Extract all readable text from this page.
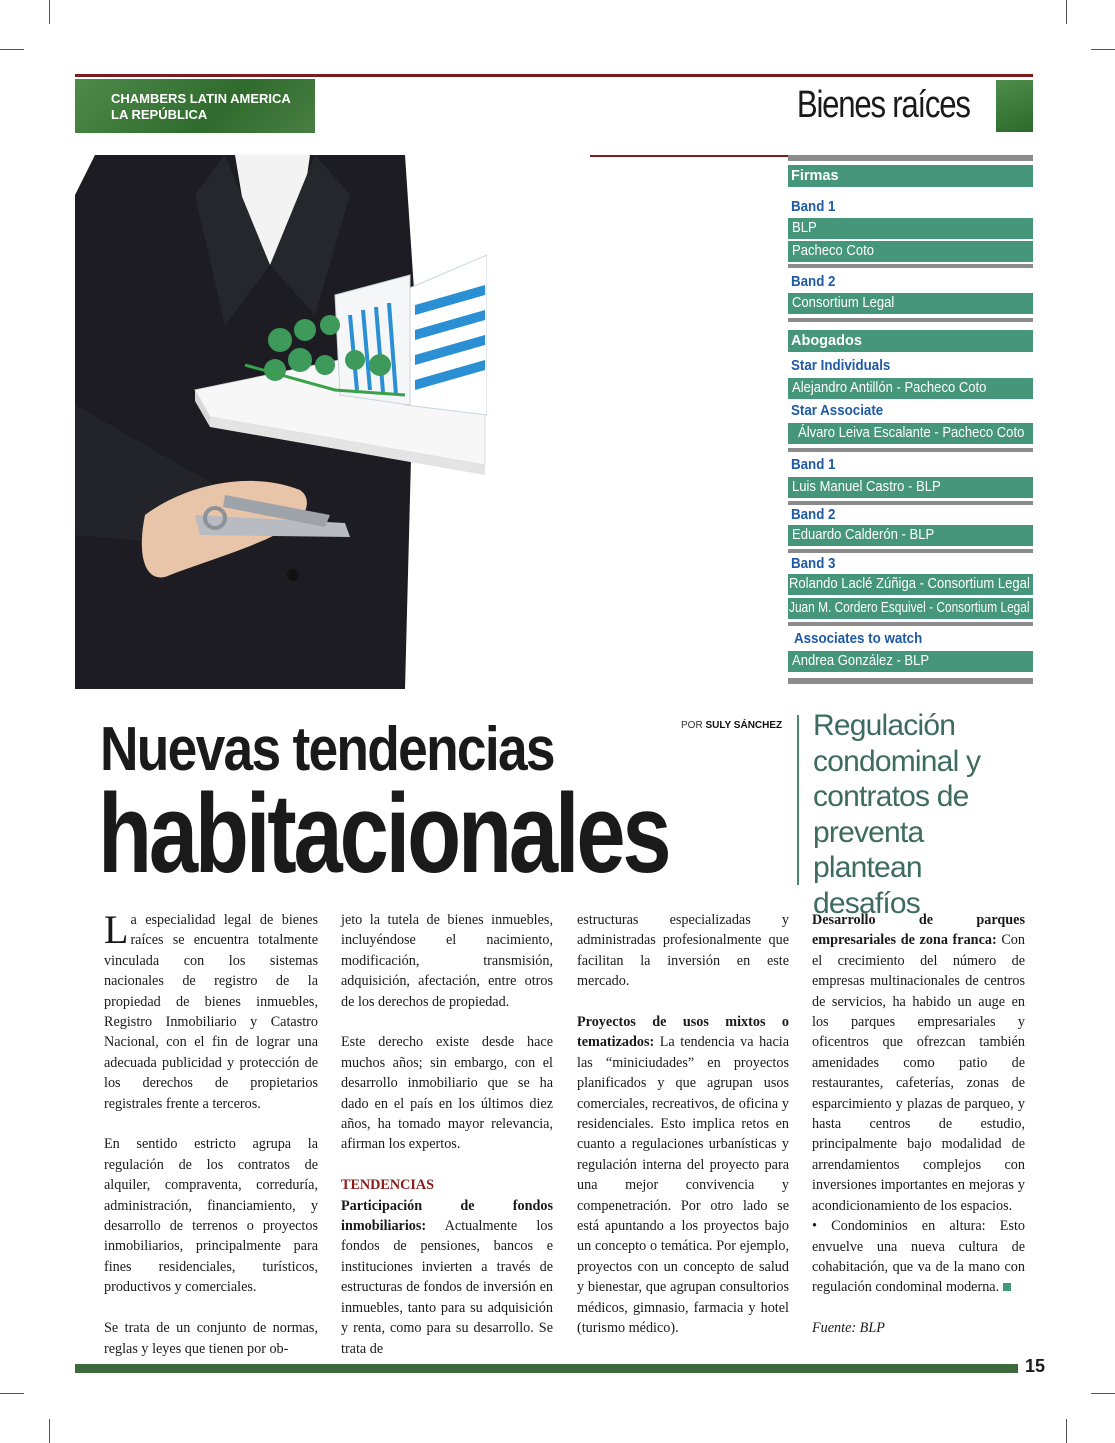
CHAMBERS LATIN AMERICA
LA REPÚBLICA	Bienes raíces
Firmas
Band 1
BLP
Pacheco Coto
Band 2
Consortium Legal
Abogados
Star Individuals
Alejandro Antillón - Pacheco Coto
Star Associate
Álvaro Leiva Escalante - Pacheco Coto
Band 1
Luis Manuel Castro - BLP
Band 2
Eduardo Calderón - BLP
Band 3
Rolando Laclé Zúñiga - Consortium Legal
Juan M. Cordero Esquivel - Consortium Legal
Associates to watch
Andrea González - BLP
POR SULY SÁNCHEZ
Nuevas tendencias
habitacionales
Regulación condominal y contratos de preventa plantean desafíos

La especialidad legal de bienes raíces se encuentra totalmente vinculada con los sistemas nacionales de registro de la propiedad de bienes inmuebles, Registro Inmobiliario y Catastro Nacional, con el fin de lograr una adecuada publicidad y protección de los derechos de propietarios registrales frente a terceros.

En sentido estricto agrupa la regulación de los contratos de alquiler, compraventa, correduría, administración, financiamiento, y desarrollo de terrenos o proyectos inmobiliarios, principalmente para fines residenciales, turísticos, productivos y comerciales.

Se trata de un conjunto de normas, reglas y leyes que tienen por ob-

jeto la tutela de bienes inmuebles, incluyéndose el nacimiento, modificación, transmisión, adquisición, afectación, entre otros de los derechos de propiedad.

Este derecho existe desde hace muchos años; sin embargo, con el desarrollo inmobiliario que se ha dado en el país en los últimos diez años, ha tomado mayor relevancia, afirman los expertos.

TENDENCIAS

Participación de fondos inmobiliarios: Actualmente los fondos de pensiones, bancos e instituciones invierten a través de estructuras de fondos de inversión en inmuebles, tanto para su adquisición y renta, como para su desarrollo. Se trata de

estructuras especializadas y administradas profesionalmente que facilitan la inversión en este mercado.

Proyectos de usos mixtos o tematizados: La tendencia va hacia las “miniciudades” en proyectos planificados y que agrupan usos comerciales, recreativos, de oficina y residenciales. Esto implica retos en cuanto a regulaciones urbanísticas y regulación interna del proyecto para una mejor convivencia y compenetración. Por otro lado se está apuntando a los proyectos bajo un concepto o temática. Por ejemplo, proyectos con un concepto de salud y bienestar, que agrupan consultorios médicos, gimnasio, farmacia y hotel (turismo médico).

Desarrollo de parques empresariales de zona franca: Con el crecimiento del número de empresas multinacionales de centros de servicios, ha habido un auge en los parques empresariales y oficentros que ofrezcan también amenidades como patio de restaurantes, cafeterías, zonas de esparcimiento y plazas de parqueo, y hasta centros de estudio, principalmente bajo modalidad de arrendamientos complejos con inversiones importantes en mejoras y acondicionamiento de los espacios.

• Condominios en altura: Esto envuelve una nueva cultura de cohabitación, que va de la mano con regulación condominal moderna.

Fuente: BLP
15
